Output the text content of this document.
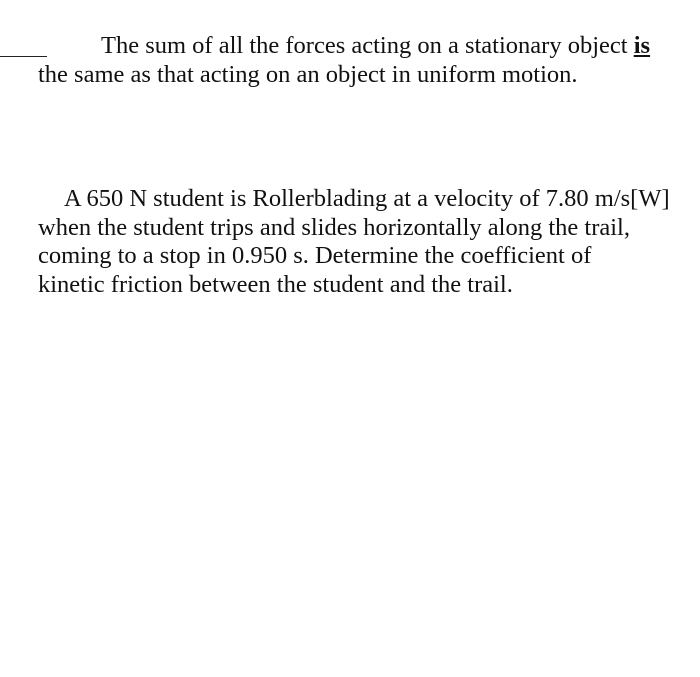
The sum of all the forces acting on a stationary object is
the same as that acting on an object in uniform motion.
A 650 N student is Rollerblading at a velocity of 7.80 m/s[W]
when the student trips and slides horizontally along the trail,
coming to a stop in 0.950 s. Determine the coefficient of
kinetic friction between the student and the trail.
